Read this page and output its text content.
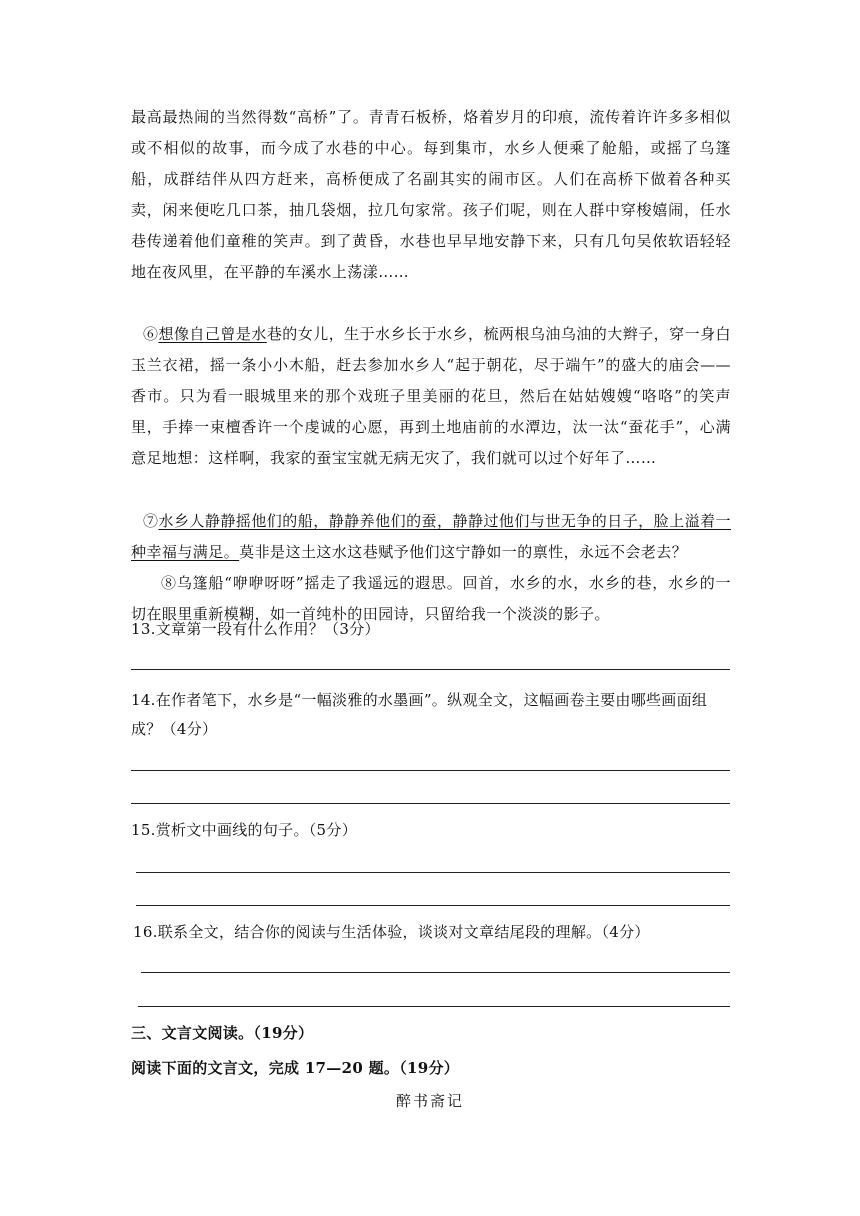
最高最热闹的当然得数“高桥”了。青青石板桥，烙着岁月的印痕，流传着许许多多相似或不相似的故事，而今成了水巷的中心。每到集市，水乡人便乘了舱船，或摇了乌篷船，成群结伴从四方赶来，高桥便成了名副其实的闹市区。人们在高桥下做着各种买卖，闲来便吃几口茶，抽几袋烟，拉几句家常。孩子们呢，则在人群中穿梭嬉闹，任水巷传递着他们童稚的笑声。到了黄昏，水巷也早早地安静下来，只有几句吴侬软语轻轻地在夜风里，在平静的车溪水上荡漾……

⑥想像自己曾是水巷的女儿，生于水乡长于水乡，梳两根乌油乌油的大辫子，穿一身白玉兰衣裙，摇一条小小木船，赶去参加水乡人“起于朝花，尽于端午”的盛大的庙会——香市。只为看一眼城里来的那个戏班子里美丽的花旦，然后在姑姑嫂嫂“咯咯”的笑声里，手捧一束檀香许一个虔诚的心愿，再到土地庙前的水潭边，汰一汰“蚕花手”，心满意足地想：这样啊，我家的蚕宝宝就无病无灾了，我们就可以过个好年了……

⑦水乡人静静摇他们的船，静静养他们的蚕，静静过他们与世无争的日子，脸上溢着一种幸福与满足。莫非是这土这水这巷赋予他们这宁静如一的禀性，永远不会老去？

⑧乌篷船“咿咿呀呀”摇走了我遥远的遐思。回首，水乡的水，水乡的巷，水乡的一切在眼里重新模糊，如一首纯朴的田园诗，只留给我一个淡淡的影子。

13.文章第一段有什么作用？（3分）

14.在作者笔下，水乡是“一幅淡雅的水墨画”。纵观全文，这幅画卷主要由哪些画面组成？（4分）

15.赏析文中画线的句子。（5分）

16.联系全文，结合你的阅读与生活体验，谈谈对文章结尾段的理解。（4分）

三、文言文阅读。（19分）

阅读下面的文言文，完成 17—20 题。（19分）

醉书斋记
